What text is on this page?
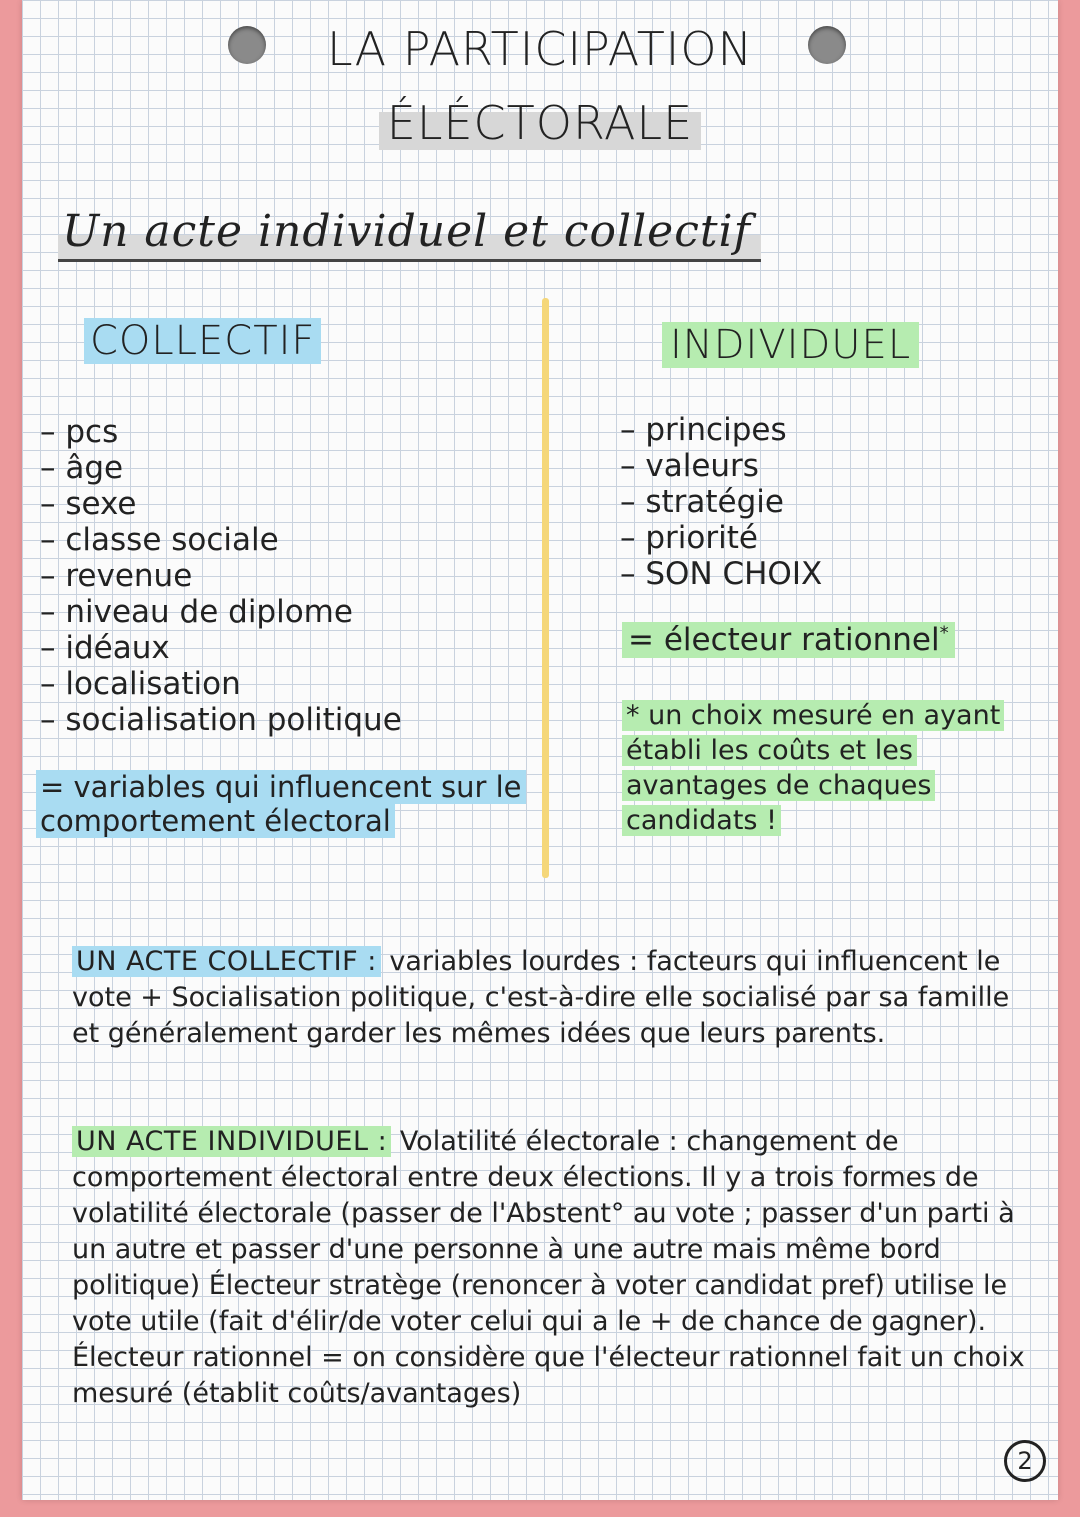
LA PARTICIPATION
ÉLÉCTORALE
Un acte individuel et collectif
COLLECTIF	INDIVIDUEL
– pcs
– âge
– sexe
– classe sociale
– revenue
– niveau de diplome
– idéaux
– localisation
– socialisation politique
= variables qui influencent sur le comportement électoral
– principes
– valeurs
– stratégie
– priorité
– SON CHOIX
= électeur rationnel*
* un choix mesuré en ayant établi les coûts et les avantages de chaques candidats !
UN ACTE COLLECTIF : variables lourdes : facteurs qui influencent le vote + Socialisation politique, c'est-à-dire elle socialisé par sa famille et généralement garder les mêmes idées que leurs parents.
UN ACTE INDIVIDUEL : Volatilité électorale : changement de comportement électoral entre deux élections. Il y a trois formes de volatilité électorale (passer de l'Abstent° au vote ; passer d'un parti à un autre et passer d'une personne à une autre mais même bord politique) Électeur stratège (renoncer à voter candidat pref) utilise le vote utile (fait d'élir/de voter celui qui a le + de chance de gagner). Électeur rationnel = on considère que l'électeur rationnel fait un choix mesuré (établit coûts/avantages)
2
